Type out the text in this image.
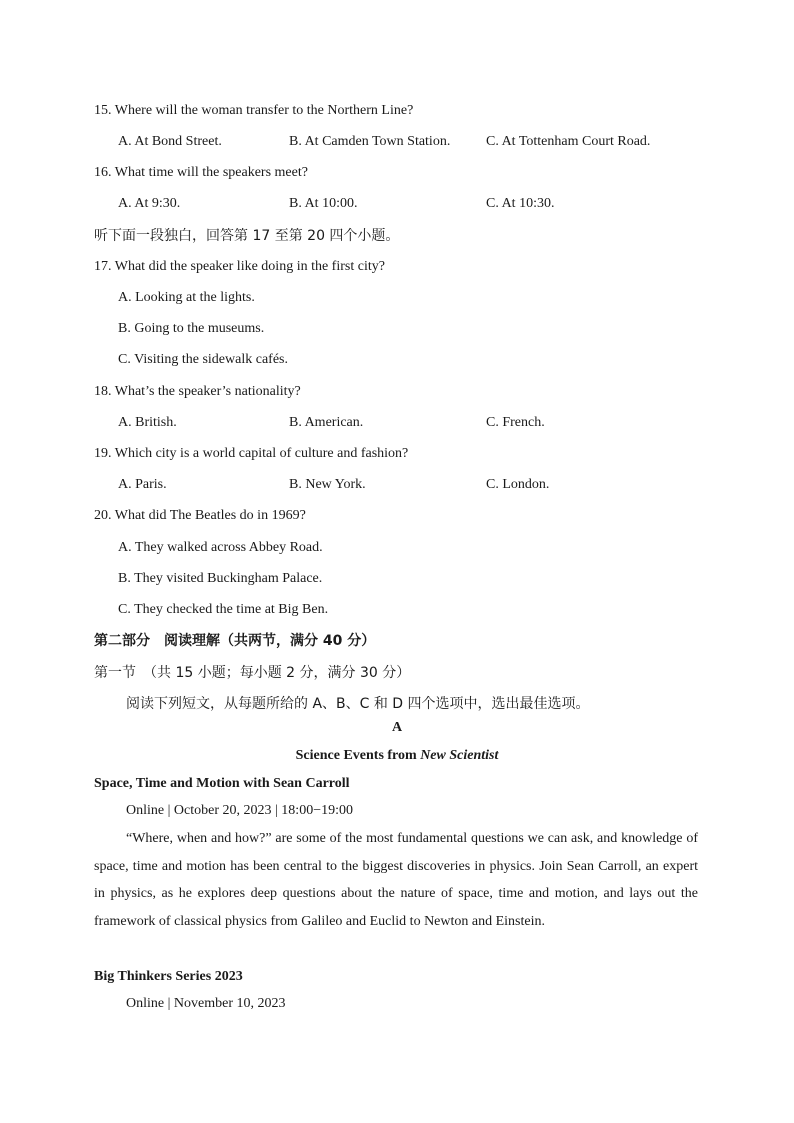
15. Where will the woman transfer to the Northern Line?
A. At Bond Street.	B. At Camden Town Station.	C. At Tottenham Court Road.
16. What time will the speakers meet?
A. At 9:30.	B. At 10:00.	C. At 10:30.
听下面一段独白，回答第 17 至第 20 四个小题。
17. What did the speaker like doing in the first city?
A. Looking at the lights.
B. Going to the museums.
C. Visiting the sidewalk cafés.
18. What’s the speaker’s nationality?
A. British.	B. American.	C. French.
19. Which city is a world capital of culture and fashion?
A. Paris.	B. New York.	C. London.
20. What did The Beatles do in 1969?
A. They walked across Abbey Road.
B. They visited Buckingham Palace.
C. They checked the time at Big Ben.
第二部分　阅读理解（共两节，满分 40 分）
第一节　（共 15 小题；每小题 2 分，满分 30 分）
阅读下列短文，从每题所给的 A、B、C 和 D 四个选项中，选出最佳选项。
A
Science Events from New Scientist
Space, Time and Motion with Sean Carroll
Online | October 20, 2023 | 18:00−19:00
“Where, when and how?” are some of the most fundamental questions we can ask, and knowledge of space, time and motion has been central to the biggest discoveries in physics. Join Sean Carroll, an expert in physics, as he explores deep questions about the nature of space, time and motion, and lays out the framework of classical physics from Galileo and Euclid to Newton and Einstein.
Big Thinkers Series 2023
Online | November 10, 2023
